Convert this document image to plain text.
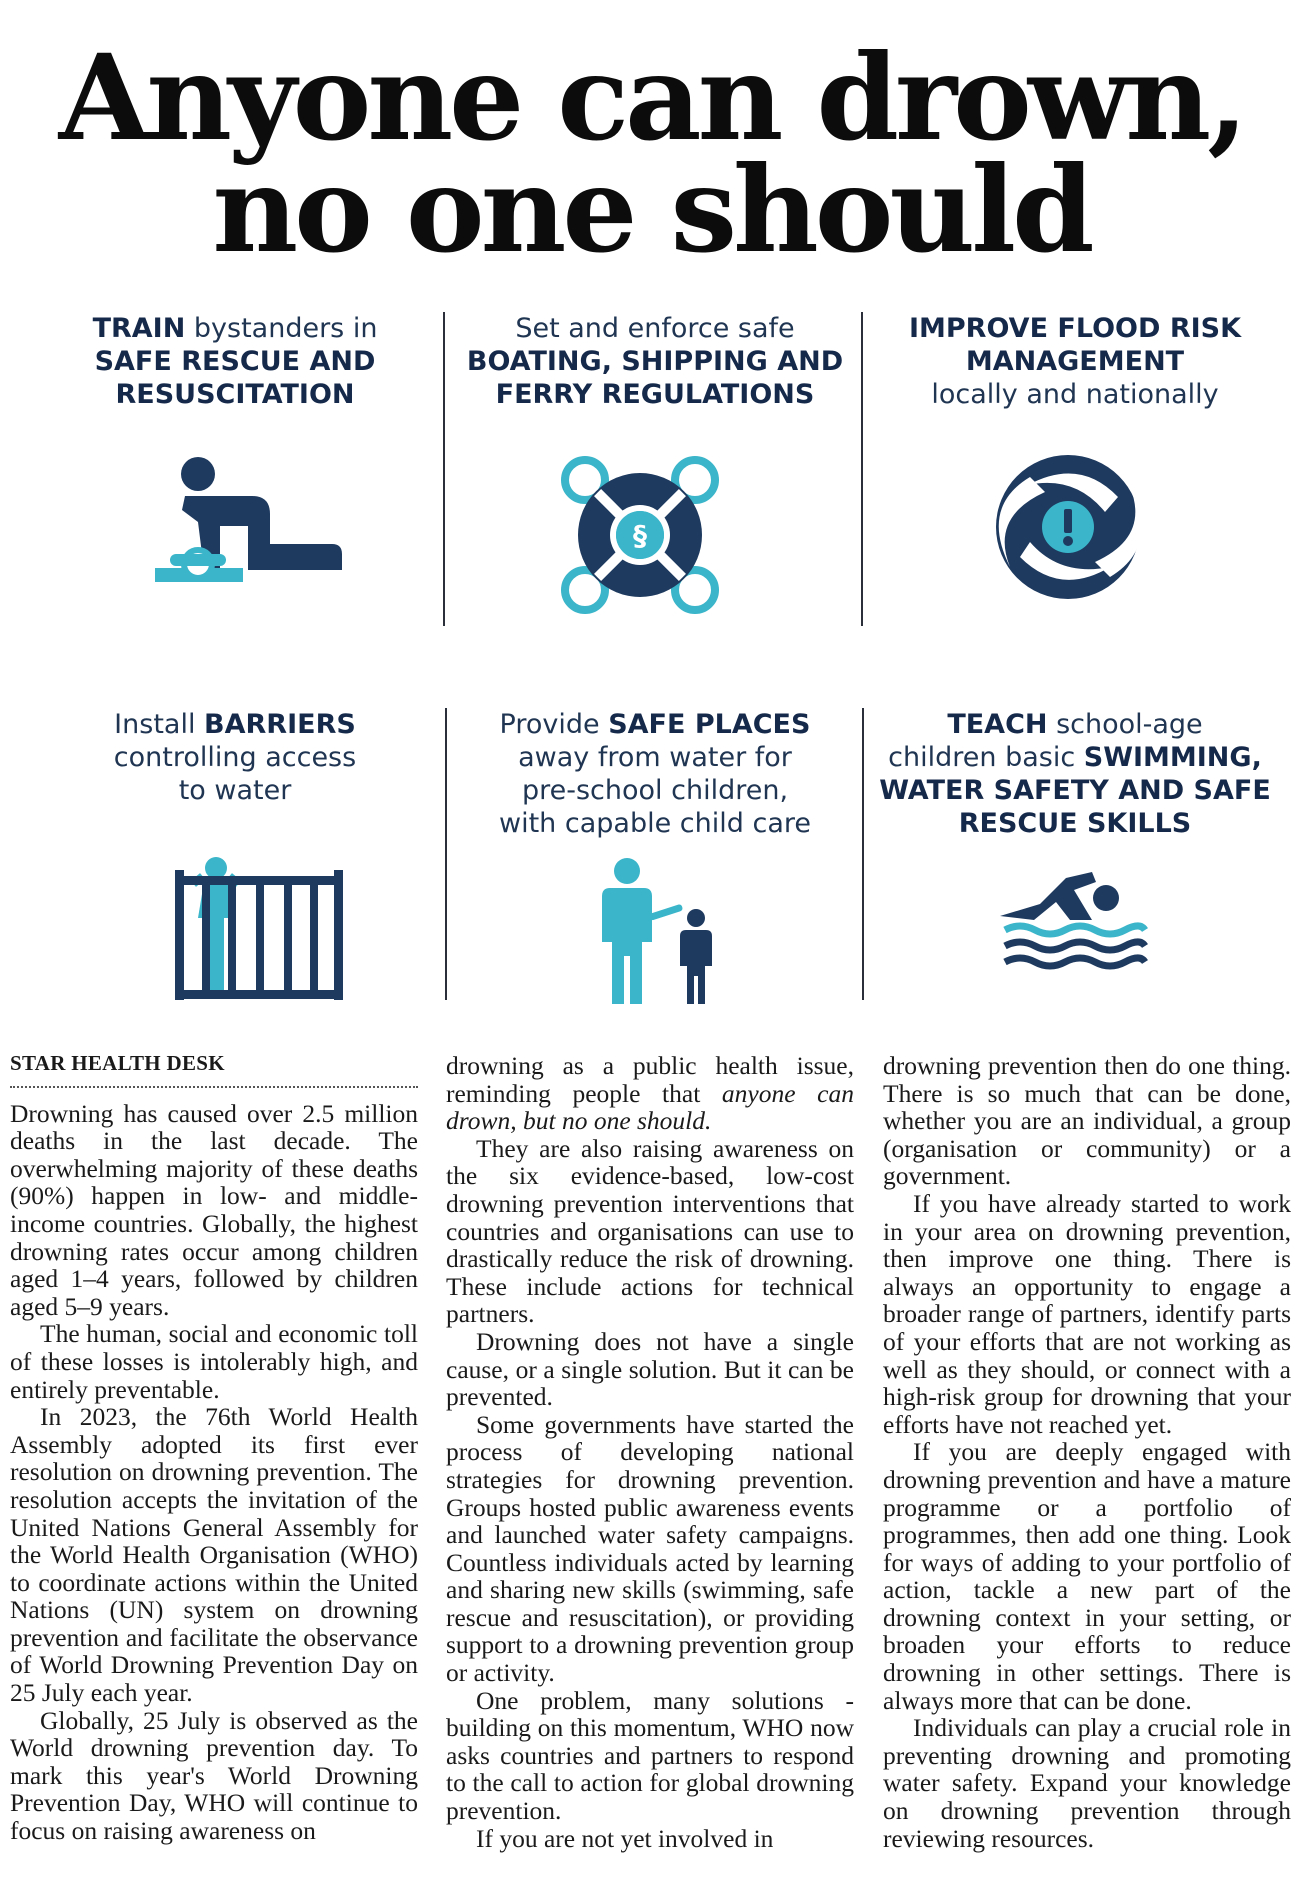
Anyone can drown,
no one should
TRAIN bystanders in
SAFE RESCUE AND
RESUSCITATION
Set and enforce safe
BOATING, SHIPPING AND
FERRY REGULATIONS
§
IMPROVE FLOOD RISK
MANAGEMENT
locally and nationally
Install BARRIERS
controlling access
to water
Provide SAFE PLACES
away from water for
pre-school children,
with capable child care
TEACH school-age
children basic SWIMMING,
WATER SAFETY AND SAFE
RESCUE SKILLS
STAR HEALTH DESK

Drowning has caused over 2.5 million deaths in the last decade. The overwhelming majority of these deaths (90%) happen in low- and middle-income countries. Globally, the highest drowning rates occur among children aged 1–4 years, followed by children aged 5–9 years.

The human, social and economic toll of these losses is intolerably high, and entirely preventable.

In 2023, the 76th World Health Assembly adopted its first ever resolution on drowning prevention. The resolution accepts the invitation of the United Nations General Assembly for the World Health Organisation (WHO) to coordinate actions within the United Nations (UN) system on drowning prevention and facilitate the observance of World Drowning Prevention Day on 25 July each year.

Globally, 25 July is observed as the World drowning prevention day. To mark this year's World Drowning Prevention Day, WHO will continue to focus on raising awareness on

drowning as a public health issue, reminding people that anyone can drown, but no one should.

They are also raising awareness on the six evidence-based, low-cost drowning prevention interventions that countries and organisations can use to drastically reduce the risk of drowning. These include actions for technical partners.

Drowning does not have a single cause, or a single solution. But it can be prevented.

Some governments have started the process of developing national strategies for drowning prevention. Groups hosted public awareness events and launched water safety campaigns. Countless individuals acted by learning and sharing new skills (swimming, safe rescue and resuscitation), or providing support to a drowning prevention group or activity.

One problem, many solutions - building on this momentum, WHO now asks countries and partners to respond to the call to action for global drowning prevention.

If you are not yet involved in

drowning prevention then do one thing. There is so much that can be done, whether you are an individual, a group (organisation or community) or a government.

If you have already started to work in your area on drowning prevention, then improve one thing. There is always an opportunity to engage a broader range of partners, identify parts of your efforts that are not working as well as they should, or connect with a high-risk group for drowning that your efforts have not reached yet.

If you are deeply engaged with drowning prevention and have a mature programme or a portfolio of programmes, then add one thing. Look for ways of adding to your portfolio of action, tackle a new part of the drowning context in your setting, or broaden your efforts to reduce drowning in other settings. There is always more that can be done.

Individuals can play a crucial role in preventing drowning and promoting water safety. Expand your knowledge on drowning prevention through reviewing resources.
